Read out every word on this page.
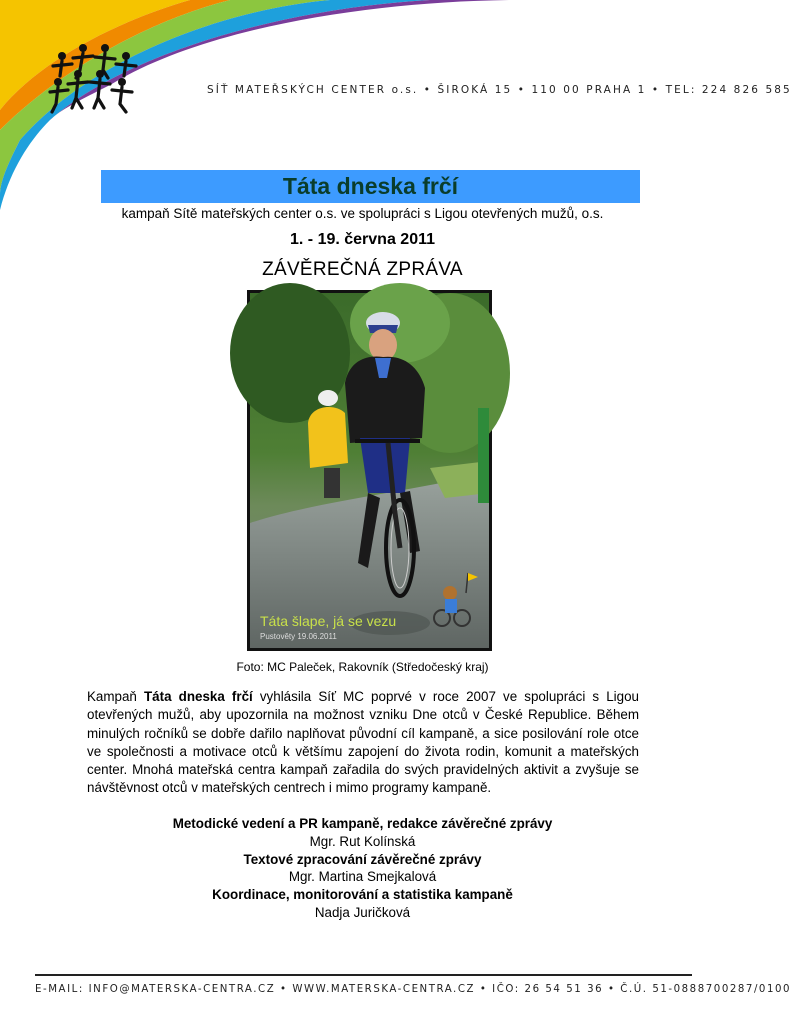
SÍŤ MATEŘSKÝCH CENTER o.s. • ŠIROKÁ 15 • 110 00 PRAHA 1 • TEL: 224 826 585
Táta dneska frčí
kampaň Sítě mateřských center o.s. ve spolupráci s Ligou otevřených mužů, o.s.
1. - 19. června 2011
ZÁVĚREČNÁ ZPRÁVA
Táta šlape, já se vezu
Pustověty 19.06.2011
Foto: MC Paleček, Rakovník (Středočeský kraj)
Kampaň Táta dneska frčí vyhlásila Síť MC poprvé v roce 2007 ve spolupráci s Ligou otevřených mužů, aby upozornila na možnost vzniku Dne otců v České Republice. Během minulých ročníků se dobře dařilo naplňovat původní cíl kampaně, a sice posilování role otce ve společnosti a motivace otců k většímu zapojení do života rodin, komunit a mateřských center. Mnohá mateřská centra kampaň zařadila do svých pravidelných aktivit a zvyšuje se návštěvnost otců v mateřských centrech i mimo programy kampaně.
Metodické vedení a PR kampaně, redakce závěrečné zprávy
Mgr. Rut Kolínská
Textové zpracování závěrečné zprávy
Mgr. Martina Smejkalová
Koordinace, monitorování a statistika kampaně
Nadja Juričková
E-MAIL: INFO@MATERSKA-CENTRA.CZ • WWW.MATERSKA-CENTRA.CZ • IČO: 26 54 51 36 • Č.Ú. 51-0888700287/0100
